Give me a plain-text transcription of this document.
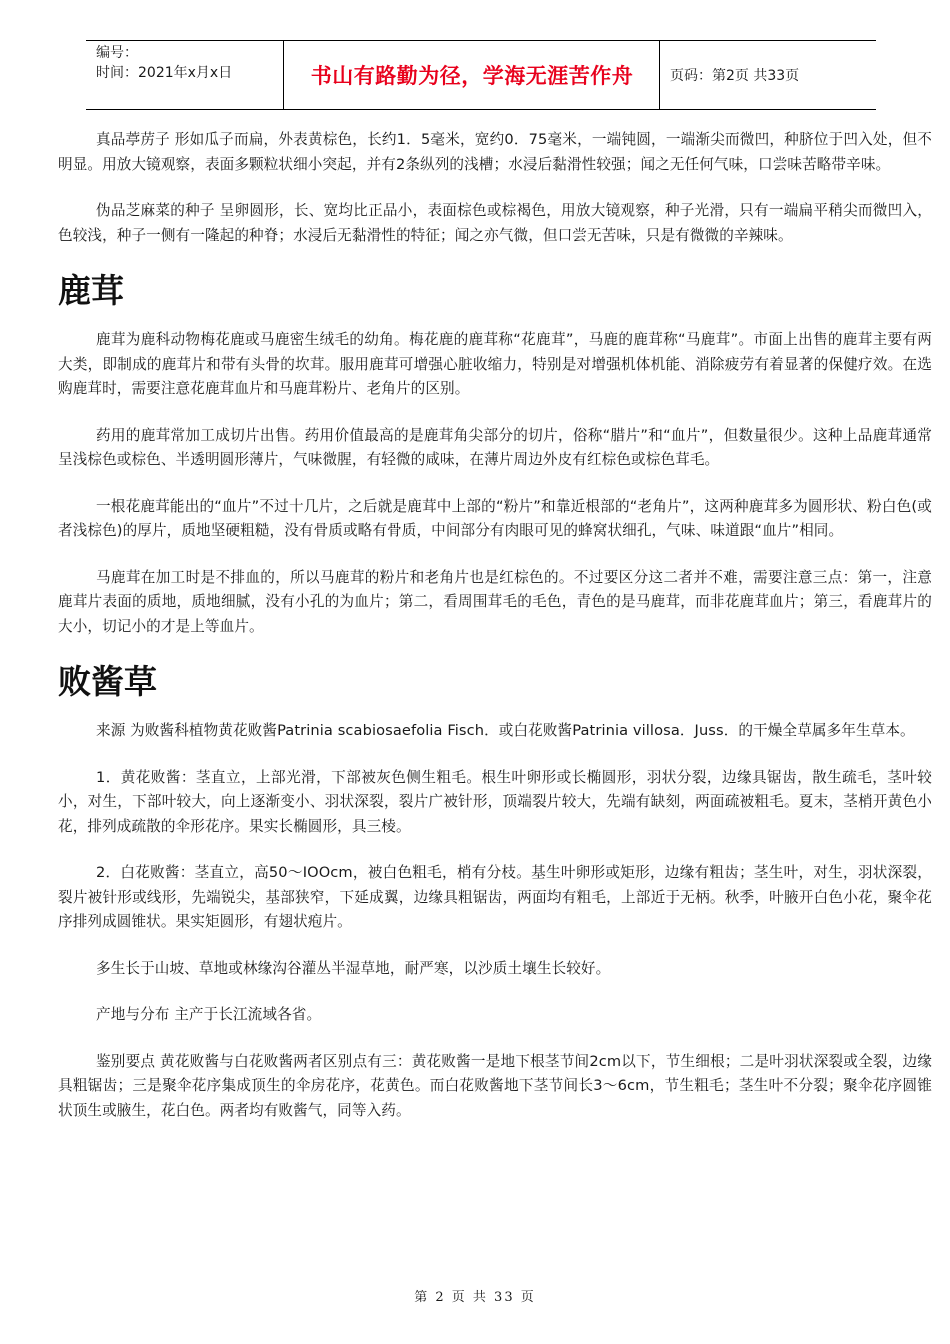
编号：
时间：2021年x月x日	书山有路勤为径，学海无涯苦作舟	页码：第2页 共33页

真品葶苈子 形如瓜子而扁，外表黄棕色，长约1．5毫米，宽约0．75毫米，一端钝圆，一端渐尖而微凹，种脐位于凹入处，但不明显。用放大镜观察，表面多颗粒状细小突起，并有2条纵列的浅槽；水浸后黏滑性较强；闻之无任何气味，口尝味苦略带辛味。

伪品芝麻菜的种子 呈卵圆形，长、宽均比正品小，表面棕色或棕褐色，用放大镜观察，种子光滑，只有一端扁平稍尖而微凹入，色较浅，种子一侧有一隆起的种脊；水浸后无黏滑性的特征；闻之亦气微，但口尝无苦味，只是有微微的辛辣味。

鹿茸

鹿茸为鹿科动物梅花鹿或马鹿密生绒毛的幼角。梅花鹿的鹿茸称“花鹿茸”，马鹿的鹿茸称“马鹿茸”。市面上出售的鹿茸主要有两大类，即制成的鹿茸片和带有头骨的坎茸。服用鹿茸可增强心脏收缩力，特别是对增强机体机能、消除疲劳有着显著的保健疗效。在选购鹿茸时，需要注意花鹿茸血片和马鹿茸粉片、老角片的区别。

药用的鹿茸常加工成切片出售。药用价值最高的是鹿茸角尖部分的切片，俗称“腊片”和“血片”，但数量很少。这种上品鹿茸通常呈浅棕色或棕色、半透明圆形薄片，气味微腥，有轻微的咸味，在薄片周边外皮有红棕色或棕色茸毛。

一根花鹿茸能出的“血片”不过十几片，之后就是鹿茸中上部的“粉片”和靠近根部的“老角片”，这两种鹿茸多为圆形状、粉白色(或者浅棕色)的厚片，质地坚硬粗糙，没有骨质或略有骨质，中间部分有肉眼可见的蜂窝状细孔，气味、味道跟“血片”相同。

马鹿茸在加工时是不排血的，所以马鹿茸的粉片和老角片也是红棕色的。不过要区分这二者并不难，需要注意三点：第一，注意鹿茸片表面的质地，质地细腻，没有小孔的为血片；第二，看周围茸毛的毛色，青色的是马鹿茸，而非花鹿茸血片；第三，看鹿茸片的大小，切记小的才是上等血片。

败酱草

来源 为败酱科植物黄花败酱Patrinia scabiosaefolia Fisch．或白花败酱Patrinia villosa．Juss．的干燥全草属多年生草本。

1．黄花败酱：茎直立，上部光滑，下部被灰色侧生粗毛。根生叶卵形或长椭圆形，羽状分裂，边缘具锯齿，散生疏毛，茎叶较小，对生，下部叶较大，向上逐渐变小、羽状深裂，裂片广被针形，顶端裂片较大，先端有缺刻，两面疏被粗毛。夏末，茎梢开黄色小花，排列成疏散的伞形花序。果实长椭圆形，具三棱。

2．白花败酱：茎直立，高50～IOOcm，被白色粗毛，梢有分枝。基生叶卵形或矩形，边缘有粗齿；茎生叶，对生，羽状深裂，裂片被针形或线形，先端锐尖，基部狭窄，下延成翼，边缘具粗锯齿，两面均有粗毛，上部近于无柄。秋季，叶腋开白色小花，聚伞花序排列成圆锥状。果实矩圆形，有翅状疱片。

多生长于山坡、草地或林缘沟谷灌丛半湿草地，耐严寒，以沙质土壤生长较好。

产地与分布 主产于长江流域各省。

鉴别要点 黄花败酱与白花败酱两者区别点有三：黄花败酱一是地下根茎节间2cm以下，节生细根；二是叶羽状深裂或全裂，边缘具粗锯齿；三是聚伞花序集成顶生的伞房花序，花黄色。而白花败酱地下茎节间长3～6cm，节生粗毛；茎生叶不分裂；聚伞花序圆锥状顶生或腋生，花白色。两者均有败酱气，同等入药。

第 2 页 共 33 页
